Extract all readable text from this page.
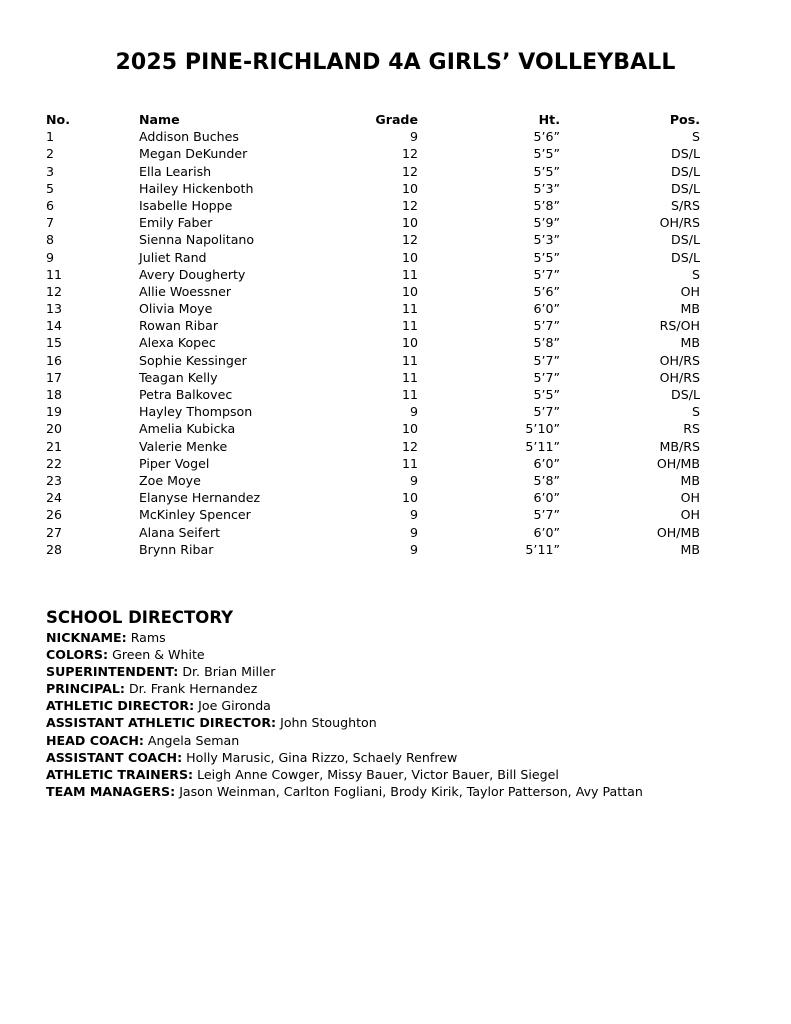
2025 PINE-RICHLAND 4A GIRLS’ VOLLEYBALL
No.	Name	Grade	Ht.	Pos.
1	Addison Buches	9	5’6”	S
2	Megan DeKunder	12	5’5”	DS/L
3	Ella Learish	12	5’5”	DS/L
5	Hailey Hickenboth	10	5’3”	DS/L
6	Isabelle Hoppe	12	5’8”	S/RS
7	Emily Faber	10	5’9”	OH/RS
8	Sienna Napolitano	12	5’3”	DS/L
9	Juliet Rand	10	5’5”	DS/L
11	Avery Dougherty	11	5’7”	S
12	Allie Woessner	10	5’6”	OH
13	Olivia Moye	11	6’0”	MB
14	Rowan Ribar	11	5’7”	RS/OH
15	Alexa Kopec	10	5’8”	MB
16	Sophie Kessinger	11	5’7”	OH/RS
17	Teagan Kelly	11	5’7”	OH/RS
18	Petra Balkovec	11	5’5”	DS/L
19	Hayley Thompson	9	5’7”	S
20	Amelia Kubicka	10	5’10”	RS
21	Valerie Menke	12	5’11”	MB/RS
22	Piper Vogel	11	6’0”	OH/MB
23	Zoe Moye	9	5’8”	MB
24	Elanyse Hernandez	10	6’0”	OH
26	McKinley Spencer	9	5’7”	OH
27	Alana Seifert	9	6’0”	OH/MB
28	Brynn Ribar	9	5’11”	MB
SCHOOL DIRECTORY
NICKNAME: Rams
COLORS: Green & White
SUPERINTENDENT: Dr. Brian Miller
PRINCIPAL: Dr. Frank Hernandez
ATHLETIC DIRECTOR: Joe Gironda
ASSISTANT ATHLETIC DIRECTOR: John Stoughton
HEAD COACH: Angela Seman
ASSISTANT COACH: Holly Marusic, Gina Rizzo, Schaely Renfrew
ATHLETIC TRAINERS: Leigh Anne Cowger, Missy Bauer, Victor Bauer, Bill Siegel
TEAM MANAGERS: Jason Weinman, Carlton Fogliani, Brody Kirik, Taylor Patterson, Avy Pattan
